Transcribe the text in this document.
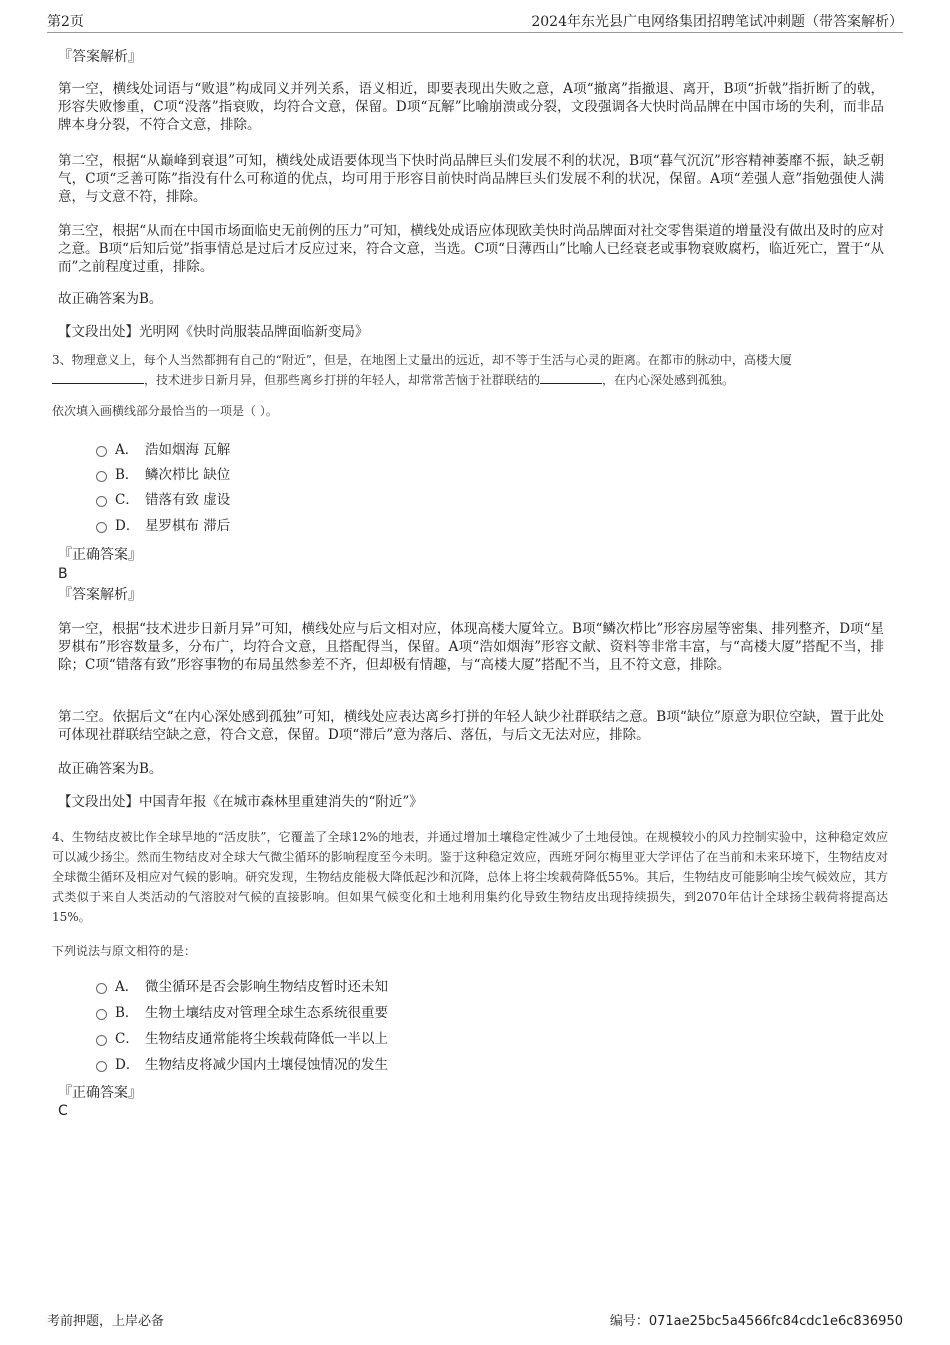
第2页	2024年东光县广电网络集团招聘笔试冲刺题（带答案解析）

『答案解析』

第一空，横线处词语与“败退”构成同义并列关系，语义相近，即要表现出失败之意，A项“撤离”指撤退、离开，B项“折戟”指折断了的戟，形容失败惨重，C项“没落”指衰败，均符合文意，保留。D项“瓦解”比喻崩溃或分裂，文段强调各大快时尚品牌在中国市场的失利，而非品牌本身分裂，不符合文意，排除。

第二空，根据“从巅峰到衰退”可知，横线处成语要体现当下快时尚品牌巨头们发展不利的状况，B项“暮气沉沉”形容精神萎靡不振，缺乏朝气，C项“乏善可陈”指没有什么可称道的优点，均可用于形容目前快时尚品牌巨头们发展不利的状况，保留。A项“差强人意”指勉强使人满意，与文意不符，排除。

第三空，根据“从而在中国市场面临史无前例的压力”可知，横线处成语应体现欧美快时尚品牌面对社交零售渠道的增量没有做出及时的应对之意。B项“后知后觉”指事情总是过后才反应过来，符合文意，当选。C项“日薄西山”比喻人已经衰老或事物衰败腐朽，临近死亡，置于“从而”之前程度过重，排除。

故正确答案为B。

【文段出处】光明网《快时尚服装品牌面临新变局》

3、物理意义上，每个人当然都拥有自己的“附近”，但是，在地图上丈量出的远近，却不等于生活与心灵的距离。在都市的脉动中，高楼大厦
，技术进步日新月异，但那些离乡打拼的年轻人，却常常苦恼于社群联结的	，在内心深处感到孤独。

依次填入画横线部分最恰当的一项是（ ）。

A． 浩如烟海 瓦解
B． 鳞次栉比 缺位
C． 错落有致 虚设
D． 星罗棋布 滞后

『正确答案』

B

『答案解析』

第一空，根据“技术进步日新月异”可知，横线处应与后文相对应，体现高楼大厦耸立。B项“鳞次栉比”形容房屋等密集、排列整齐，D项“星罗棋布”形容数量多，分布广，均符合文意，且搭配得当，保留。A项“浩如烟海”形容文献、资料等非常丰富，与“高楼大厦”搭配不当，排除；C项“错落有致”形容事物的布局虽然参差不齐，但却极有情趣，与“高楼大厦”搭配不当，且不符文意，排除。

第二空。依据后文“在内心深处感到孤独”可知，横线处应表达离乡打拼的年轻人缺少社群联结之意。B项“缺位”原意为职位空缺，置于此处可体现社群联结空缺之意，符合文意，保留。D项“滞后”意为落后、落伍，与后文无法对应，排除。

故正确答案为B。

【文段出处】中国青年报《在城市森林里重建消失的“附近”》

4、生物结皮被比作全球旱地的“活皮肤”，它覆盖了全球12%的地表，并通过增加土壤稳定性减少了土地侵蚀。在规模较小的风力控制实验中，这种稳定效应可以减少扬尘。然而生物结皮对全球大气微尘循环的影响程度至今未明。鉴于这种稳定效应，西班牙阿尔梅里亚大学评估了在当前和未来环境下，生物结皮对全球微尘循环及相应对气候的影响。研究发现，生物结皮能极大降低起沙和沉降，总体上将尘埃载荷降低55%。其后，生物结皮可能影响尘埃气候效应，其方式类似于来自人类活动的气溶胶对气候的直接影响。但如果气候变化和土地利用集约化导致生物结皮出现持续损失，到2070年估计全球扬尘载荷将提高达15%。

下列说法与原文相符的是：

A． 微尘循环是否会影响生物结皮暂时还未知
B． 生物土壤结皮对管理全球生态系统很重要
C． 生物结皮通常能将尘埃载荷降低一半以上
D． 生物结皮将减少国内土壤侵蚀情况的发生

『正确答案』

C

考前押题，上岸必备	编号：071ae25bc5a4566fc84cdc1e6c836950
